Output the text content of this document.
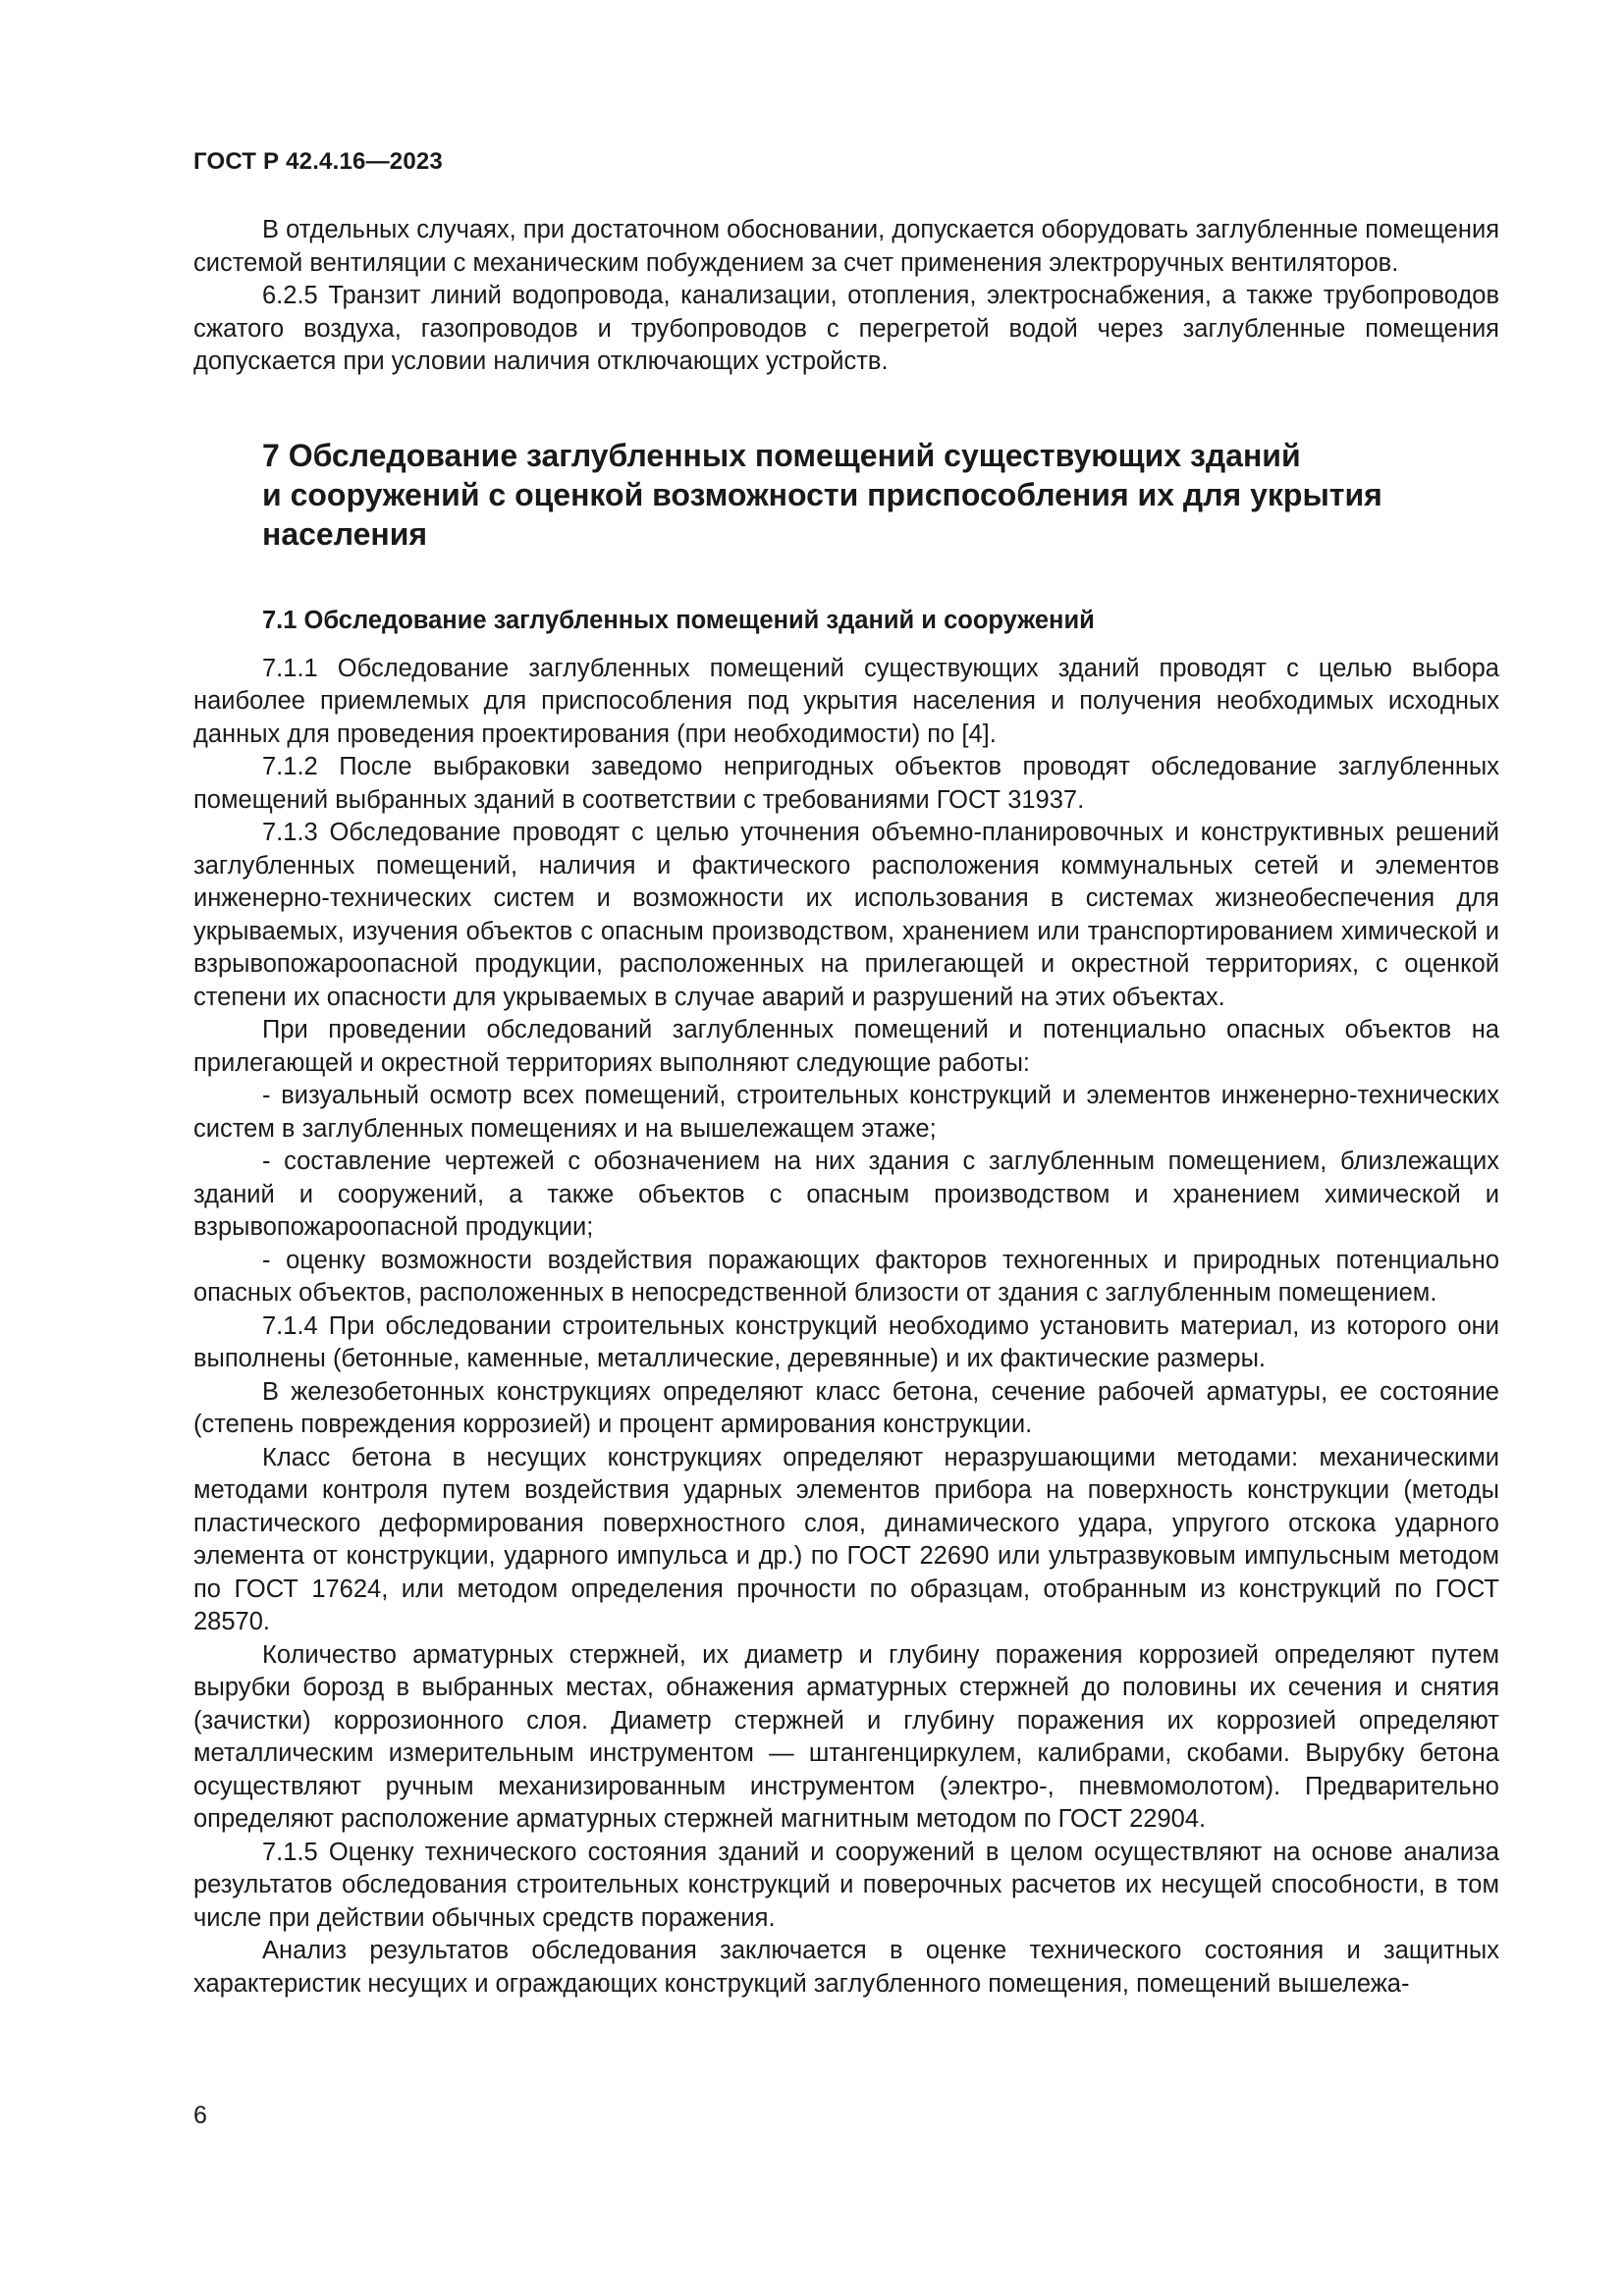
ГОСТ Р 42.4.16—2023

В отдельных случаях, при достаточном обосновании, допускается оборудовать заглубленные помещения системой вентиляции с механическим побуждением за счет применения электроручных вентиляторов.

6.2.5 Транзит линий водопровода, канализации, отопления, электроснабжения, а также трубопроводов сжатого воздуха, газопроводов и трубопроводов с перегретой водой через заглубленные помещения допускается при условии наличия отключающих устройств.

7 Обследование заглубленных помещений существующих зданий
и сооружений с оценкой возможности приспособления их для укрытия
населения
7.1 Обследование заглубленных помещений зданий и сооружений

7.1.1 Обследование заглубленных помещений существующих зданий проводят с целью выбора наиболее приемлемых для приспособления под укрытия населения и получения необходимых исходных данных для проведения проектирования (при необходимости) по [4].

7.1.2 После выбраковки заведомо непригодных объектов проводят обследование заглубленных помещений выбранных зданий в соответствии с требованиями ГОСТ 31937.

7.1.3 Обследование проводят с целью уточнения объемно-планировочных и конструктивных решений заглубленных помещений, наличия и фактического расположения коммунальных сетей и элементов инженерно-технических систем и возможности их использования в системах жизнеобеспечения для укрываемых, изучения объектов с опасным производством, хранением или транспортированием химической и взрывопожароопасной продукции, расположенных на прилегающей и окрестной территориях, с оценкой степени их опасности для укрываемых в случае аварий и разрушений на этих объектах.

При проведении обследований заглубленных помещений и потенциально опасных объектов на прилегающей и окрестной территориях выполняют следующие работы:

- визуальный осмотр всех помещений, строительных конструкций и элементов инженерно-технических систем в заглубленных помещениях и на вышележащем этаже;

- составление чертежей с обозначением на них здания с заглубленным помещением, близлежащих зданий и сооружений, а также объектов с опасным производством и хранением химической и взрывопожароопасной продукции;

- оценку возможности воздействия поражающих факторов техногенных и природных потенциально опасных объектов, расположенных в непосредственной близости от здания с заглубленным помещением.

7.1.4 При обследовании строительных конструкций необходимо установить материал, из которого они выполнены (бетонные, каменные, металлические, деревянные) и их фактические размеры.

В железобетонных конструкциях определяют класс бетона, сечение рабочей арматуры, ее состояние (степень повреждения коррозией) и процент армирования конструкции.

Класс бетона в несущих конструкциях определяют неразрушающими методами: механическими методами контроля путем воздействия ударных элементов прибора на поверхность конструкции (методы пластического деформирования поверхностного слоя, динамического удара, упругого отскока ударного элемента от конструкции, ударного импульса и др.) по ГОСТ 22690 или ультразвуковым импульсным методом по ГОСТ 17624, или методом определения прочности по образцам, отобранным из конструкций по ГОСТ 28570.

Количество арматурных стержней, их диаметр и глубину поражения коррозией определяют путем вырубки борозд в выбранных местах, обнажения арматурных стержней до половины их сечения и снятия (зачистки) коррозионного слоя. Диаметр стержней и глубину поражения их коррозией определяют металлическим измерительным инструментом — штангенциркулем, калибрами, скобами. Вырубку бетона осуществляют ручным механизированным инструментом (электро-, пневмомолотом). Предварительно определяют расположение арматурных стержней магнитным методом по ГОСТ 22904.

7.1.5 Оценку технического состояния зданий и сооружений в целом осуществляют на основе анализа результатов обследования строительных конструкций и поверочных расчетов их несущей способности, в том числе при действии обычных средств поражения.

Анализ результатов обследования заключается в оценке технического состояния и защитных характеристик несущих и ограждающих конструкций заглубленного помещения, помещений вышележа-

6
